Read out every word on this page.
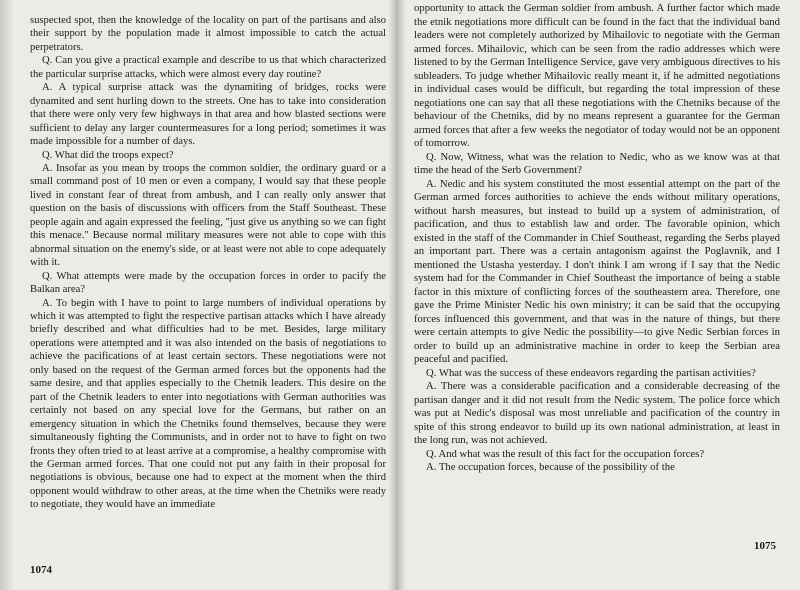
suspected spot, then the knowledge of the locality on part of the partisans and also their support by the population made it almost impossible to catch the actual perpetrators.

Q. Can you give a practical example and describe to us that which characterized the particular surprise attacks, which were almost every day routine?

A. A typical surprise attack was the dynamiting of bridges, rocks were dynamited and sent hurling down to the streets. One has to take into consideration that there were only very few highways in that area and how blasted sections were sufficient to delay any larger countermeasures for a long period; sometimes it was made impossible for a number of days.

Q. What did the troops expect?

A. Insofar as you mean by troops the common soldier, the ordinary guard or a small command post of 10 men or even a company, I would say that these people lived in constant fear of threat from ambush, and I can really only answer that question on the basis of discussions with officers from the Staff Southeast. These people again and again expressed the feeling, "just give us anything so we can fight this menace." Because normal military measures were not able to cope with this abnormal situation on the enemy's side, or at least were not able to cope adequately with it.

Q. What attempts were made by the occupation forces in order to pacify the Balkan area?

A. To begin with I have to point to large numbers of individual operations by which it was attempted to fight the respective partisan attacks which I have already briefly described and what difficulties had to be met. Besides, large military operations were attempted and it was also intended on the basis of negotiations to achieve the pacifications of at least certain sectors. These negotiations were not only based on the request of the German armed forces but the opponents had the same desire, and that applies especially to the Chetnik leaders. This desire on the part of the Chetnik leaders to enter into negotiations with German authorities was certainly not based on any special love for the Germans, but rather on an emergency situation in which the Chetniks found themselves, because they were simultaneously fighting the Communists, and in order not to have to fight on two fronts they often tried to at least arrive at a compromise, a healthy compromise with the German armed forces. That one could not put any faith in their proposal for negotiations is obvious, because one had to expect at the moment when the third opponent would withdraw to other areas, at the time when the Chetniks were ready to negotiate, they would have an immediate

1074

opportunity to attack the German soldier from ambush. A further factor which made the etnik negotiations more difficult can be found in the fact that the individual band leaders were not completely authorized by Mihailovic to negotiate with the German armed forces. Mihailovic, which can be seen from the radio addresses which were listened to by the German Intelligence Service, gave very ambiguous directives to his subleaders. To judge whether Mihailovic really meant it, if he admitted negotiations in individual cases would be difficult, but regarding the total impression of these negotiations one can say that all these negotiations with the Chetniks because of the behaviour of the Chetniks, did by no means represent a guarantee for the German armed forces that after a few weeks the negotiator of today would not be an opponent of tomorrow.

Q. Now, Witness, what was the relation to Nedic, who as we know was at that time the head of the Serb Government?

A. Nedic and his system constituted the most essential attempt on the part of the German armed forces authorities to achieve the ends without military operations, without harsh measures, but instead to build up a system of administration, of pacification, and thus to establish law and order. The favorable opinion, which existed in the staff of the Commander in Chief Southeast, regarding the Serbs played an important part. There was a certain antagonism against the Poglavnik, and I mentioned the Ustasha yesterday. I don't think I am wrong if I say that the Nedic system had for the Commander in Chief Southeast the importance of being a stable factor in this mixture of conflicting forces of the southeastern area. Therefore, one gave the Prime Minister Nedic his own ministry; it can be said that the occupying forces influenced this government, and that was in the nature of things, but there were certain attempts to give Nedic the possibility—to give Nedic Serbian forces in order to build up an administrative machine in order to keep the Serbian area peaceful and pacified.

Q. What was the success of these endeavors regarding the partisan activities?

A. There was a considerable pacification and a considerable decreasing of the partisan danger and it did not result from the Nedic system. The police force which was put at Nedic's disposal was most unreliable and pacification of the country in spite of this strong endeavor to build up its own national administration, at least in the long run, was not achieved.

Q. And what was the result of this fact for the occupation forces?

A. The occupation forces, because of the possibility of the

1075
